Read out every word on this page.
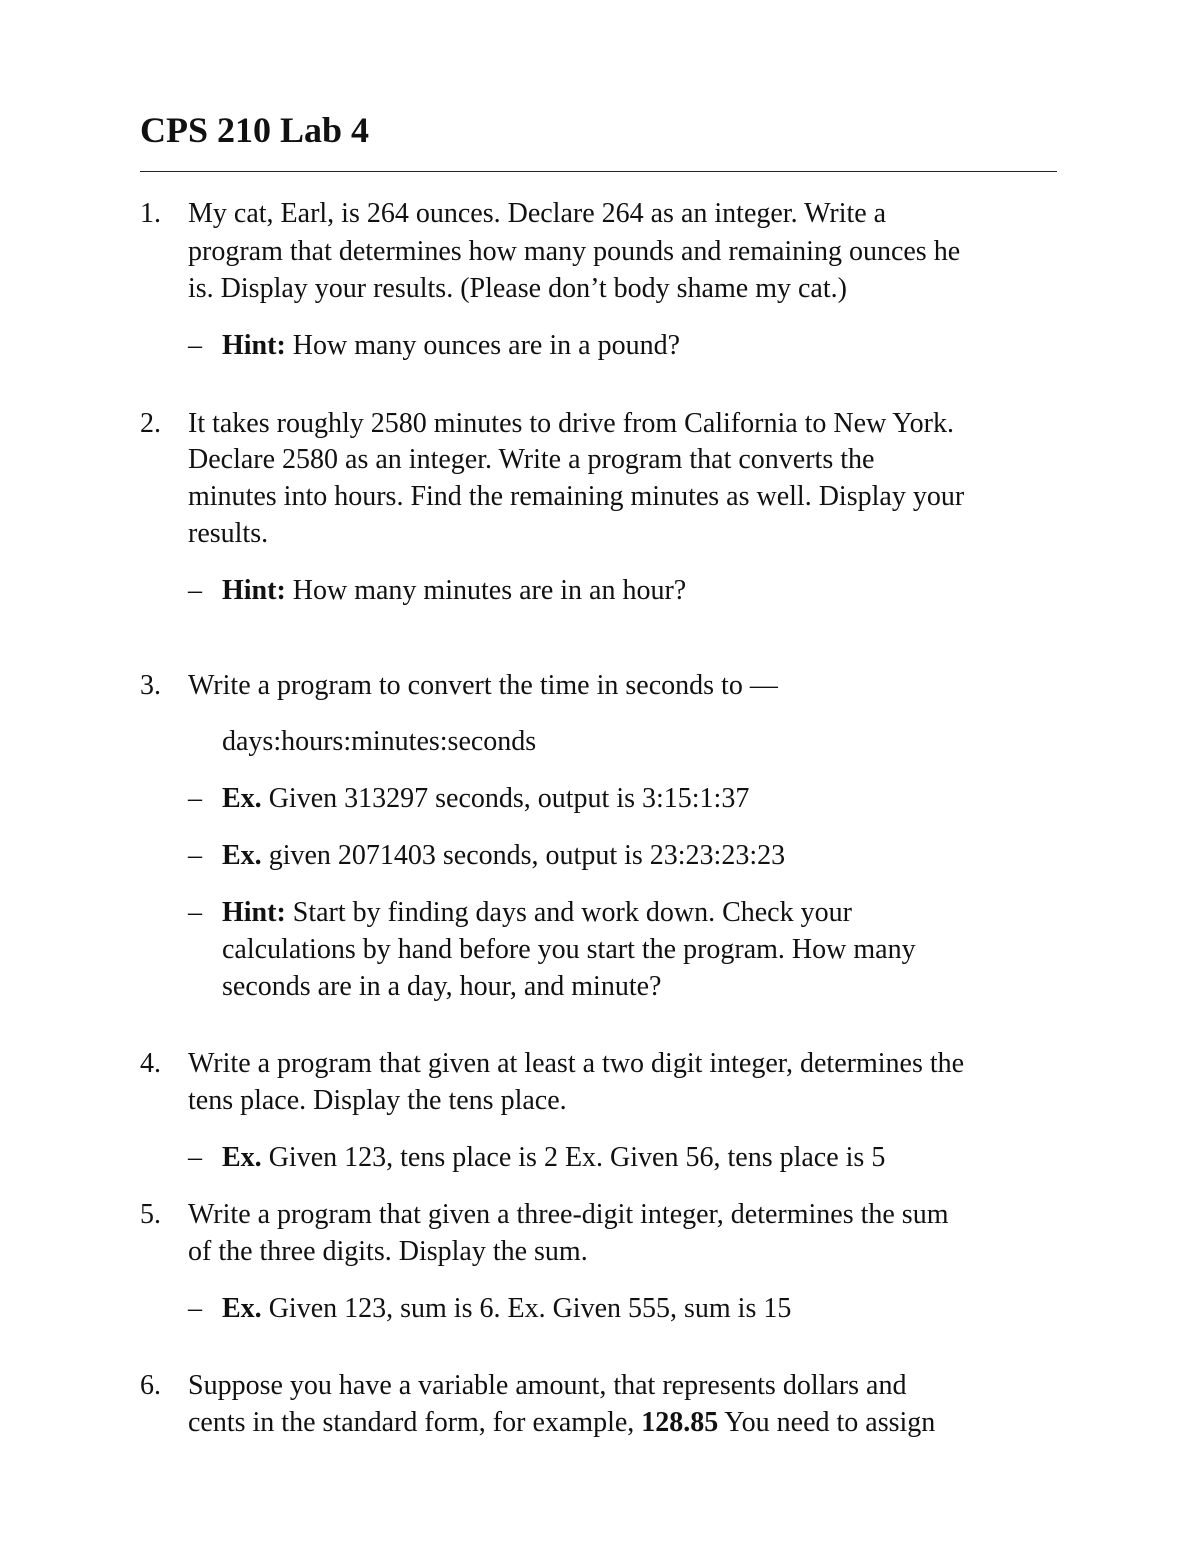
CPS 210 Lab 4
1. My cat, Earl, is 264 ounces. Declare 264 as an integer. Write a
program that determines how many pounds and remaining ounces he
is. Display your results. (Please don’t body shame my cat.)
– Hint: How many ounces are in a pound?
2. It takes roughly 2580 minutes to drive from California to New York.
Declare 2580 as an integer. Write a program that converts the
minutes into hours. Find the remaining minutes as well. Display your
results.
– Hint: How many minutes are in an hour?
3. Write a program to convert the time in seconds to —
days:hours:minutes:seconds
– Ex. Given 313297 seconds, output is 3:15:1:37
– Ex. given 2071403 seconds, output is 23:23:23:23
– Hint: Start by finding days and work down. Check your
calculations by hand before you start the program. How many
seconds are in a day, hour, and minute?
4. Write a program that given at least a two digit integer, determines the
tens place. Display the tens place.
– Ex. Given 123, tens place is 2 Ex. Given 56, tens place is 5
5. Write a program that given a three-digit integer, determines the sum
of the three digits. Display the sum.
– Ex. Given 123, sum is 6. Ex. Given 555, sum is 15
6. Suppose you have a variable amount, that represents dollars and
cents in the standard form, for example, 128.85 You need to assign
